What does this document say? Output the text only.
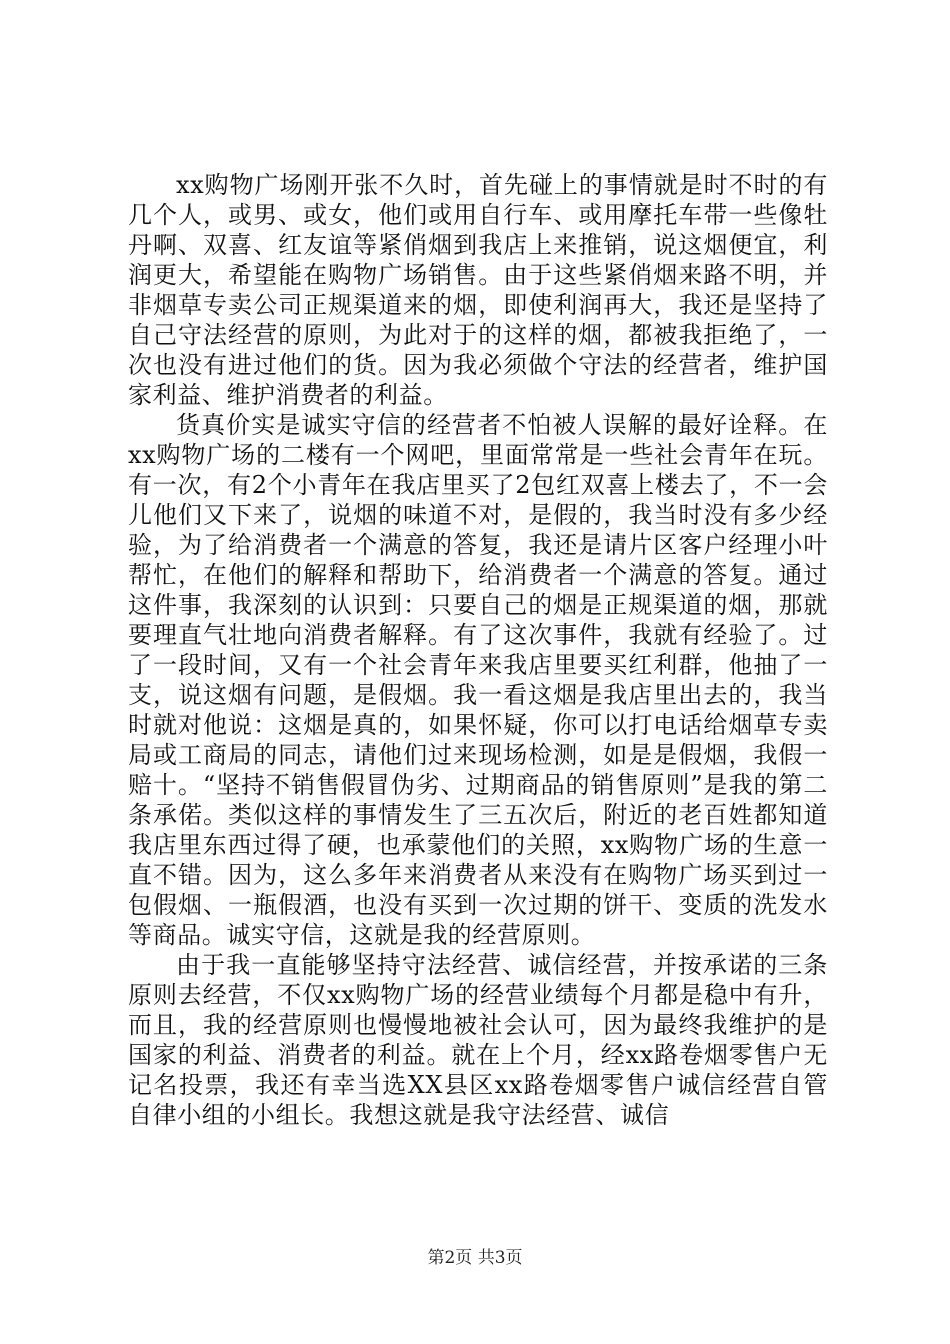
xx购物广场刚开张不久时，首先碰上的事情就是时不时的有几个人，或男、或女，他们或用自行车、或用摩托车带一些像牡丹啊、双喜、红友谊等紧俏烟到我店上来推销，说这烟便宜，利润更大，希望能在购物广场销售。由于这些紧俏烟来路不明，并非烟草专卖公司正规渠道来的烟，即使利润再大，我还是坚持了自己守法经营的原则，为此对于的这样的烟，都被我拒绝了，一次也没有进过他们的货。因为我必须做个守法的经营者，维护国家利益、维护消费者的利益。

货真价实是诚实守信的经营者不怕被人误解的最好诠释。在xx购物广场的二楼有一个网吧，里面常常是一些社会青年在玩。有一次，有2个小青年在我店里买了2包红双喜上楼去了，不一会儿他们又下来了，说烟的味道不对，是假的，我当时没有多少经验，为了给消费者一个满意的答复，我还是请片区客户经理小叶帮忙，在他们的解释和帮助下，给消费者一个满意的答复。通过这件事，我深刻的认识到：只要自己的烟是正规渠道的烟，那就要理直气壮地向消费者解释。有了这次事件，我就有经验了。过了一段时间，又有一个社会青年来我店里要买红利群，他抽了一支，说这烟有问题，是假烟。我一看这烟是我店里出去的，我当时就对他说：这烟是真的，如果怀疑，你可以打电话给烟草专卖局或工商局的同志，请他们过来现场检测，如是是假烟，我假一赔十。“坚持不销售假冒伪劣、过期商品的销售原则”是我的第二条承偌。类似这样的事情发生了三五次后，附近的老百姓都知道我店里东西过得了硬，也承蒙他们的关照，xx购物广场的生意一直不错。因为，这么多年来消费者从来没有在购物广场买到过一包假烟、一瓶假酒，也没有买到一次过期的饼干、变质的洗发水等商品。诚实守信，这就是我的经营原则。

由于我一直能够坚持守法经营、诚信经营，并按承诺的三条原则去经营，不仅xx购物广场的经营业绩每个月都是稳中有升，而且，我的经营原则也慢慢地被社会认可，因为最终我维护的是国家的利益、消费者的利益。就在上个月，经xx路卷烟零售户无记名投票，我还有幸当选XX县区xx路卷烟零售户诚信经营自管自律小组的小组长。我想这就是我守法经营、诚信

第2页 共3页
